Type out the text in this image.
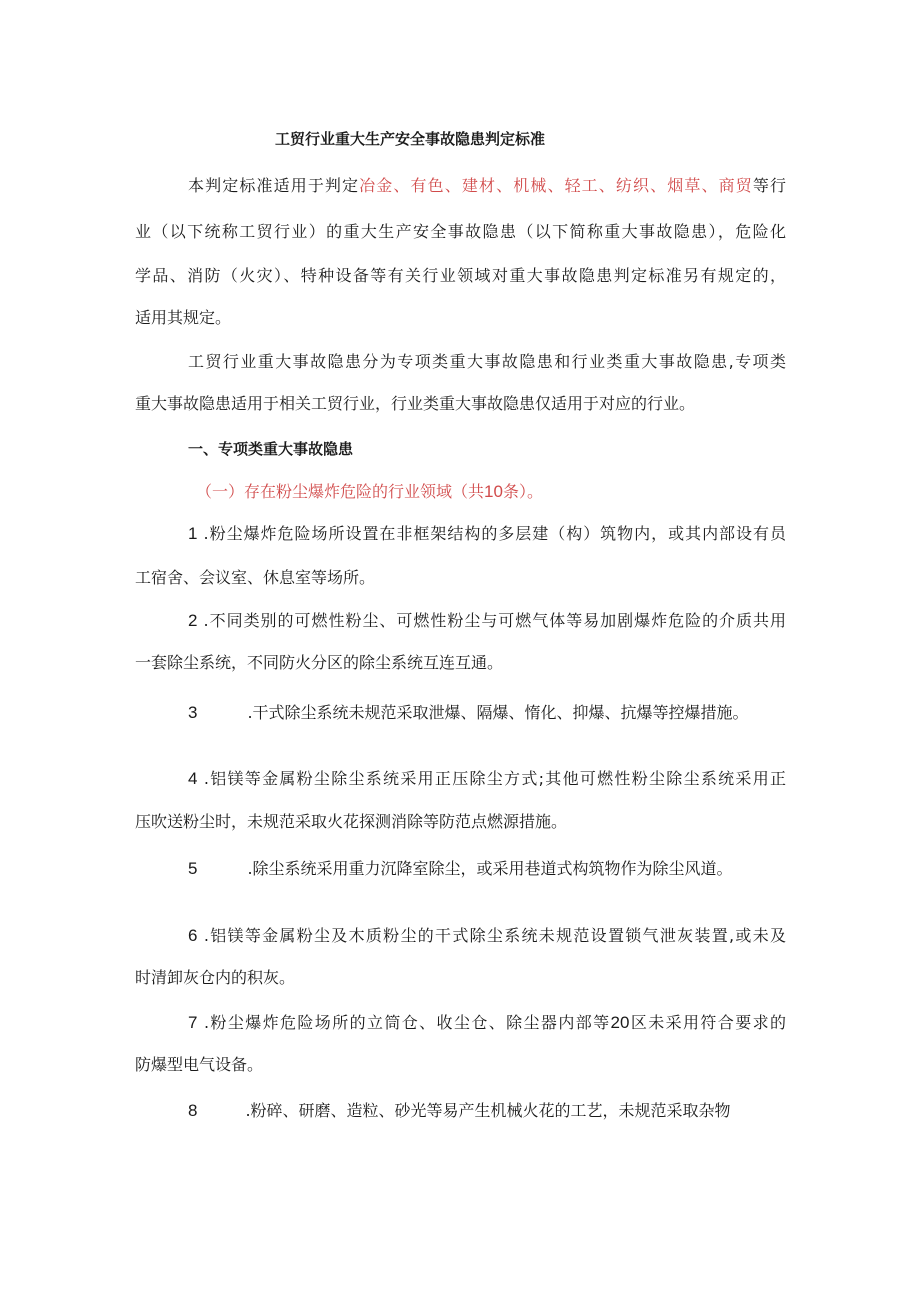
工贸行业重大生产安全事故隐患判定标准
本判定标准适用于判定冶金、有色、建材、机械、轻工、纺织、烟草、商贸等行
业（以下统称工贸行业）的重大生产安全事故隐患（以下简称重大事故隐患），危险化
学品、消防（火灾）、特种设备等有关行业领域对重大事故隐患判定标准另有规定的，
适用其规定。
工贸行业重大事故隐患分为专项类重大事故隐患和行业类重大事故隐患,专项类
重大事故隐患适用于相关工贸行业，行业类重大事故隐患仅适用于对应的行业。
一、专项类重大事故隐患
（一）存在粉尘爆炸危险的行业领域（共10条）。
1 .粉尘爆炸危险场所设置在非框架结构的多层建（构）筑物内，或其内部设有员
工宿舍、会议室、休息室等场所。
2 .不同类别的可燃性粉尘、可燃性粉尘与可燃气体等易加剧爆炸危险的介质共用
一套除尘系统，不同防火分区的除尘系统互连互通。
3	.干式除尘系统未规范采取泄爆、隔爆、惰化、抑爆、抗爆等控爆措施。
4 .铝镁等金属粉尘除尘系统采用正压除尘方式;其他可燃性粉尘除尘系统采用正
压吹送粉尘时，未规范采取火花探测消除等防范点燃源措施。
5	.除尘系统采用重力沉降室除尘，或采用巷道式构筑物作为除尘风道。
6 .铝镁等金属粉尘及木质粉尘的干式除尘系统未规范设置锁气泄灰装置,或未及
时清卸灰仓内的积灰。
7 .粉尘爆炸危险场所的立筒仓、收尘仓、除尘器内部等20区未采用符合要求的
防爆型电气设备。
8	.粉碎、研磨、造粒、砂光等易产生机械火花的工艺，未规范采取杂物
